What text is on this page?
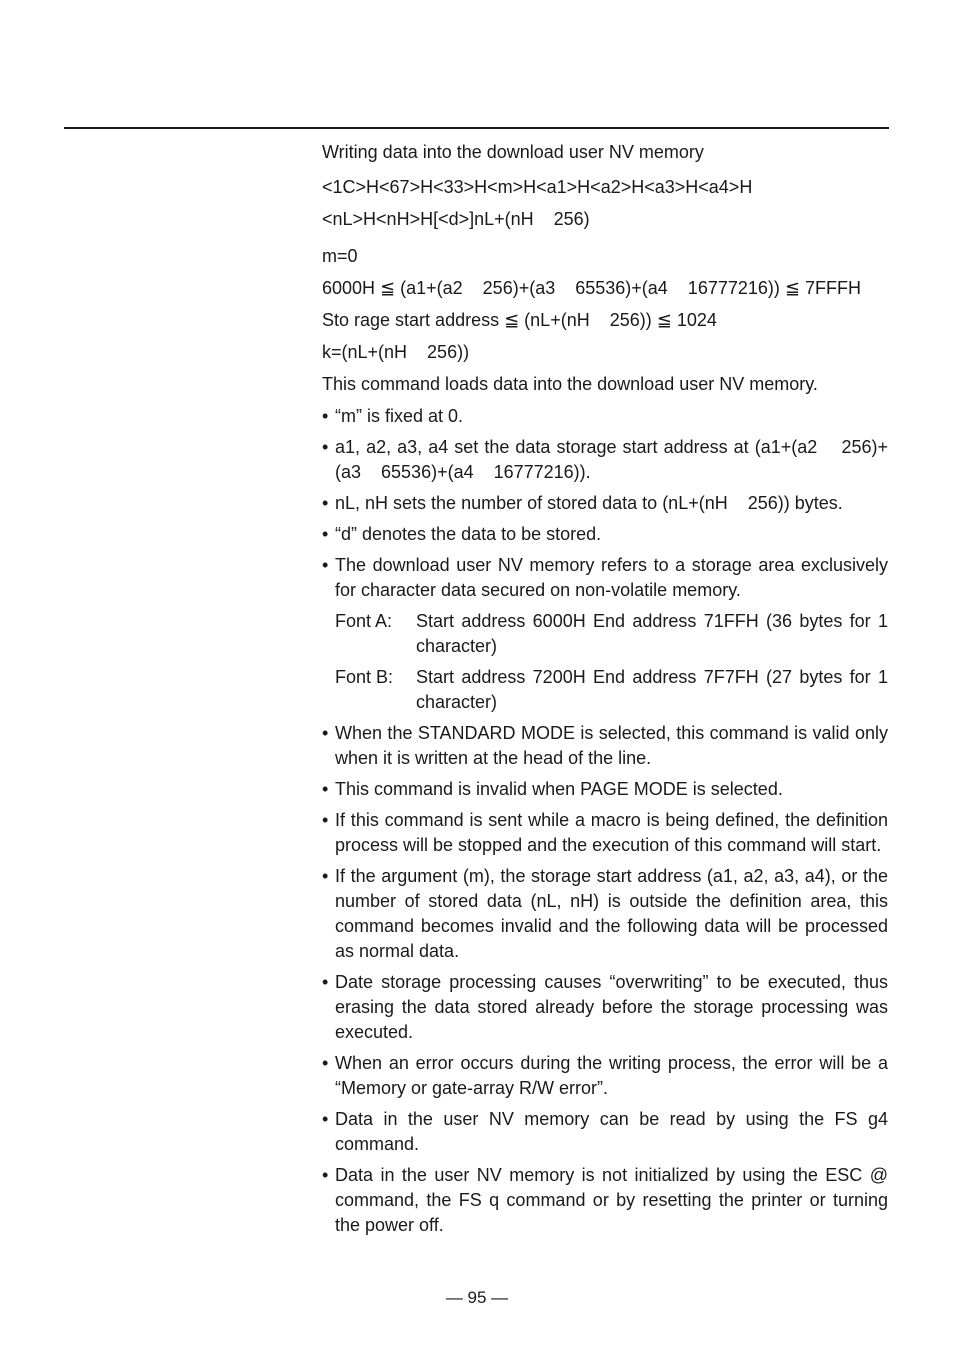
Writing data into the download user NV memory
<1C>H<67>H<33>H<m>H<a1>H<a2>H<a3>H<a4>H
<nL>H<nH>H[<d>]nL+(nH    256)
m=0
6000H ≦ (a1+(a2    256)+(a3    65536)+(a4    16777216)) ≦ 7FFFH
Sto rage start address ≦ (nL+(nH    256)) ≦ 1024
k=(nL+(nH    256))
This command loads data into the download user NV memory.
• “m” is fixed at 0.
• a1, a2, a3, a4 set the data storage start address at (a1+(a2    256)+(a3    65536)+(a4    16777216)).
• nL, nH sets the number of stored data to (nL+(nH    256)) bytes.
• “d” denotes the data to be stored.
• The download user NV memory refers to a storage area exclusively for character data secured on non-volatile memory.
Font A: Start address 6000H End address 71FFH (36 bytes for 1 character)
Font B: Start address 7200H End address 7F7FH (27 bytes for 1 character)
• When the STANDARD MODE is selected, this command is valid only when it is written at the head of the line.
• This command is invalid when PAGE MODE is selected.
• If this command is sent while a macro is being defined, the definition process will be stopped and the execution of this command will start.
• If the argument (m), the storage start address (a1, a2, a3, a4), or the number of stored data (nL, nH) is outside the definition area, this command becomes invalid and the following data will be processed as normal data.
• Date storage processing causes “overwriting” to be executed, thus erasing the data stored already before the storage processing was executed.
• When an error occurs during the writing process, the error will be a “Memory or gate-array R/W error”.
• Data in the user NV memory can be read by using the FS g4 command.
• Data in the user NV memory is not initialized by using the ESC @ command, the FS q command or by resetting the printer or turning the power off.
— 95 —
